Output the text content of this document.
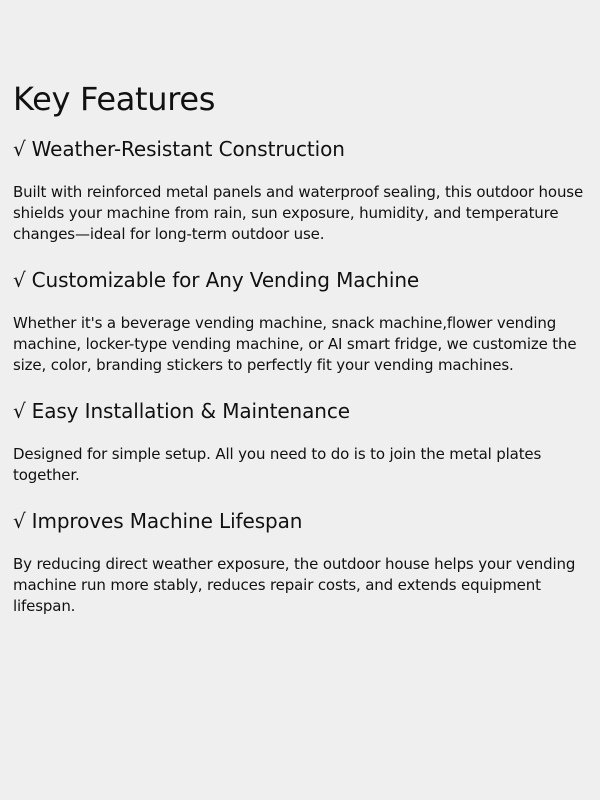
Key Features
√ Weather-Resistant Construction

Built with reinforced metal panels and waterproof sealing, this outdoor house shields your machine from rain, sun exposure, humidity, and temperature changes—ideal for long-term outdoor use.

√ Customizable for Any Vending Machine

Whether it's a beverage vending machine, snack machine,flower vending machine, locker-type vending machine, or AI smart fridge, we customize the size, color, branding stickers to perfectly fit your vending machines.

√ Easy Installation & Maintenance

Designed for simple setup. All you need to do is to join the metal plates together.

√ Improves Machine Lifespan

By reducing direct weather exposure, the outdoor house helps your vending machine run more stably, reduces repair costs, and extends equipment lifespan.
